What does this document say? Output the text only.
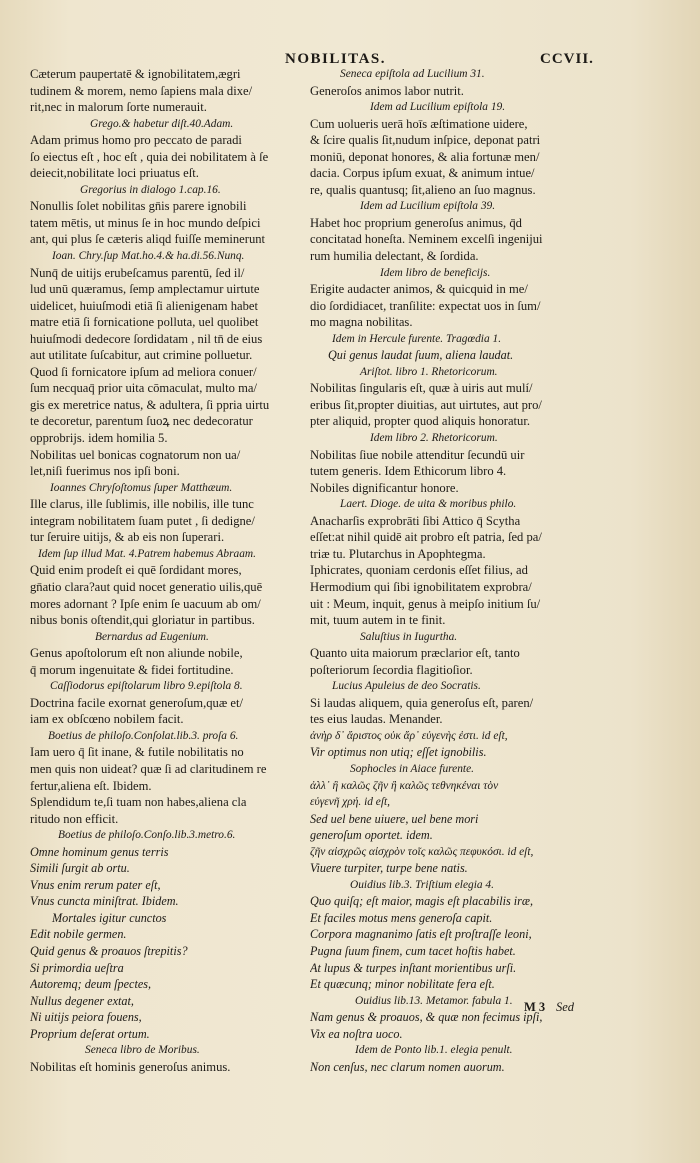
NOBILITAS.	CCVII.
Cæterum paupertatē & ignobilitatem,ægri
tudinem & morem, nemo ſapiens mala dixe/
rit,nec in malorum ſorte numerauit.
Grego.& habetur diſt.40.Adam.
Adam primus homo pro peccato de paradi
ſo eiectus eſt , hoc eſt , quia dei nobilitatem à ſe
deiecit,nobilitate loci priuatus eſt.
Gregorius in dialogo 1.cap.16.
Nonullis ſolet nobilitas gn̄is parere ignobili
tatem mētis, ut minus ſe in hoc mundo deſpici
ant, qui plus ſe cæteris aliqd fuiſſe meminerunt
Ioan. Chry.ſup Mat.ho.4.& ha.di.56.Nunq.
Nunq̄ de uitijs erubeſcamus parentū, ſed il/
lud unū quæramus, ſemp amplectamur uirtute
uidelicet, huiuſmodi etiā ſi alienigenam habet
matre etiā ſi fornicatione polluta, uel quolibet
huiuſmodi dedecore ſordidatam , nil tn̄ de eius
aut utilitate ſuſcabitur, aut crimine polluetur.
Quod ſi fornicatore ipſum ad meliora conuer/
ſum necquaq̄ prior uita cōmaculat, multo ma/
gis ex meretrice natus, & adultera, ſi ppria uirtu
te decoretur, parentum ſuoꝝ nec dedecoratur
opprobrijs. idem homilia 5.
Nobilitas uel bonicas cognatorum non ua/
let,niſi fuerimus nos ipſi boni.
Ioannes Chryſoſtomus ſuper Matthæum.
Ille clarus, ille ſublimis, ille nobilis, ille tunc
integram nobilitatem ſuam putet , ſi dedigne/
tur ſeruire uitijs, & ab eis non ſuperari.
Idem ſup illud Mat. 4.Patrem habemus Abraam.
Quid enim prodeſt ei quē ſordidant mores,
gn̄atio clara?aut quid nocet generatio uilis,quē
mores adornant ? Ipſe enim ſe uacuum ab om/
nibus bonis oſtendit,qui gloriatur in partibus.
Bernardus ad Eugenium.
Genus apoſtolorum eſt non aliunde nobile,
q̄ morum ingenuitate & fidei fortitudine.
Caſſiodorus epiſtolarum libro 9.epiſtola 8.
Doctrina facile exornat generoſum,quæ et/
iam ex obſcœno nobilem facit.
Boetius de philoſo.Conſolat.lib.3. proſa 6.
Iam uero q̄ ſit inane, & futile nobilitatis no
men quis non uideat? quæ ſi ad claritudinem re
fertur,aliena eſt. Ibidem.
Splendidum te,ſi tuam non habes,aliena cla
ritudo non efficit.
Boetius de philoſo.Conſo.lib.3.metro.6.
Omne hominum genus terris
Simili ſurgit ab ortu.
Vnus enim rerum pater eſt,
Vnus cuncta miniſtrat. Ibidem.
Mortales igitur cunctos
Edit nobile germen.
Quid genus & proauos ſtrepitis?
Si primordia ueſtra
Autoremq; deum ſpectes,
Nullus degener extat,
Ni uitijs peiora fouens,
Proprium deſerat ortum.
Seneca libro de Moribus.
Nobilitas eſt hominis generoſus animus.
Seneca epiſtola ad Lucilium 31.
Generoſos animos labor nutrit.
Idem ad Lucilium epiſtola 19.
Cum uolueris uerā hoīs æſtimatione uidere,
& ſcire qualis ſit,nudum inſpice, deponat patri
moniū, deponat honores, & alia fortunæ men/
dacia. Corpus ipſum exuat, & animum intue/
re, qualis quantusq; ſit,alieno an ſuo magnus.
Idem ad Lucilium epiſtola 39.
Habet hoc proprium generoſus animus, q̄d
concitatad honeſta. Neminem excelſi ingenijui
rum humilia delectant, & ſordida.
Idem libro de beneficijs.
Erigite audacter animos, & quicquid in me/
dio ſordidiacet, tranſilite: expectat uos in ſum/
mo magna nobilitas.
Idem in Hercule furente. Tragœdia 1.
Qui genus laudat ſuum, aliena laudat.
Ariſtot. libro 1. Rhetoricorum.
Nobilitas ſingularis eſt, quæ à uiris aut mulí/
eribus ſit,propter diuitias, aut uirtutes, aut pro/
pter aliquid, propter quod aliquis honoratur.
Idem libro 2. Rhetoricorum.
Nobilitas ſiue nobile attenditur ſecundū uir
tutem generis. Idem Ethicorum libro 4.
Nobiles dignificantur honore.
Laert. Dioge. de uita & moribus philo.
Anacharſis exprobrāti ſibi Attico q̄ Scytha
eſſet:at nihil quidē ait probro eſt patria, ſed pa/
triæ tu. Plutarchus in Apophtegma.
Iphicrates, quoniam cerdonis eſſet filius, ad
Hermodium qui ſibi ignobilitatem exprobra/
uit : Meum, inquit, genus à meipſo initium ſu/
mit, tuum autem in te finit.
Saluſtius in Iugurtha.
Quanto uita maiorum præclarior eſt, tanto
poſteriorum ſecordia flagitioſior.
Lucius Apuleius de deo Socratis.
Si laudas aliquem, quia generoſus eſt, paren/
tes eius laudas. Menander.
ἀνὴρ δ᾽ ἄριστος οὐκ ἄρ᾽ εὐγενὴς ἐστι. id eſt,
Vir optimus non utiq; eſſet ignobilis.
Sophocles in Aiace furente.
ἀλλ᾽ ἢ καλῶς ζῆν ἢ καλῶς τεθνηκέναι τὸν
εὐγενῆ χρή. id eſt,
Sed uel bene uiuere, uel bene mori
generoſum oportet. idem.
ζῆν αἰσχρῶς αἰσχρὸν τοῖς καλῶς πεφυκόσι. id eſt,
Viuere turpiter, turpe bene natis.
Ouidius lib.3. Triſtium elegia 4.
Quo quiſq; eſt maior, magis eſt placabilis iræ,
Et faciles motus mens generoſa capit.
Corpora magnanimo ſatis eſt proſtraſſe leoni,
Pugna ſuum finem, cum tacet hoſtis habet.
At lupus & turpes inſtant morientibus urſi.
Et quæcunq; minor nobilitate fera eſt.
Ouidius lib.13. Metamor. fabula 1.
Nam genus & proauos, & quæ non fecimus ipſi,
Vix ea noſtra uoco.
Idem de Ponto lib.1. elegia penult.
Non cenſus, nec clarum nomen auorum.
M 3 Sed
